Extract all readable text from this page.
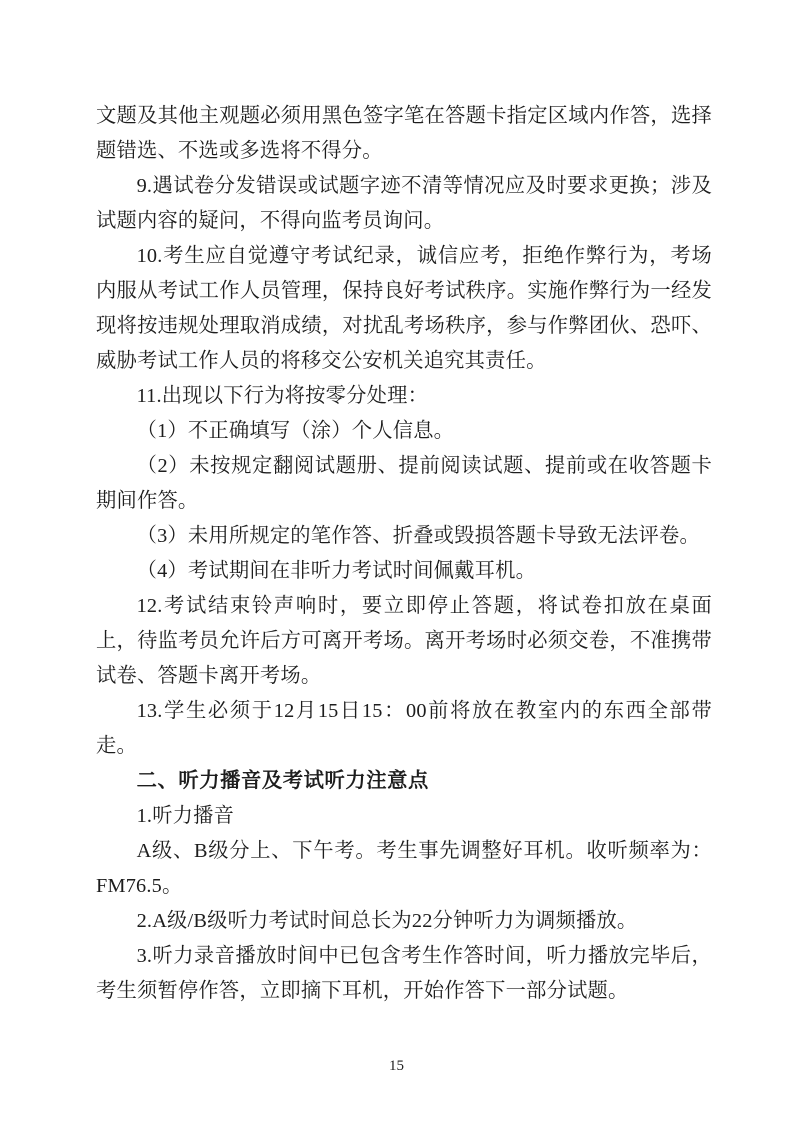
文题及其他主观题必须用黑色签字笔在答题卡指定区域内作答，选择题错选、不选或多选将不得分。

9.遇试卷分发错误或试题字迹不清等情况应及时要求更换；涉及试题内容的疑问，不得向监考员询问。

10.考生应自觉遵守考试纪录，诚信应考，拒绝作弊行为，考场内服从考试工作人员管理，保持良好考试秩序。实施作弊行为一经发现将按违规处理取消成绩，对扰乱考场秩序，参与作弊团伙、恐吓、威胁考试工作人员的将移交公安机关追究其责任。

11.出现以下行为将按零分处理：

（1）不正确填写（涂）个人信息。

（2）未按规定翻阅试题册、提前阅读试题、提前或在收答题卡期间作答。

（3）未用所规定的笔作答、折叠或毁损答题卡导致无法评卷。

（4）考试期间在非听力考试时间佩戴耳机。

12.考试结束铃声响时，要立即停止答题，将试卷扣放在桌面上，待监考员允许后方可离开考场。离开考场时必须交卷，不准携带试卷、答题卡离开考场。

13.学生必须于12月15日15：00前将放在教室内的东西全部带走。

二、听力播音及考试听力注意点

1.听力播音

A级、B级分上、下午考。考生事先调整好耳机。收听频率为：FM76.5。

2.A级/B级听力考试时间总长为22分钟听力为调频播放。

3.听力录音播放时间中已包含考生作答时间，听力播放完毕后，考生须暂停作答，立即摘下耳机，开始作答下一部分试题。

15
